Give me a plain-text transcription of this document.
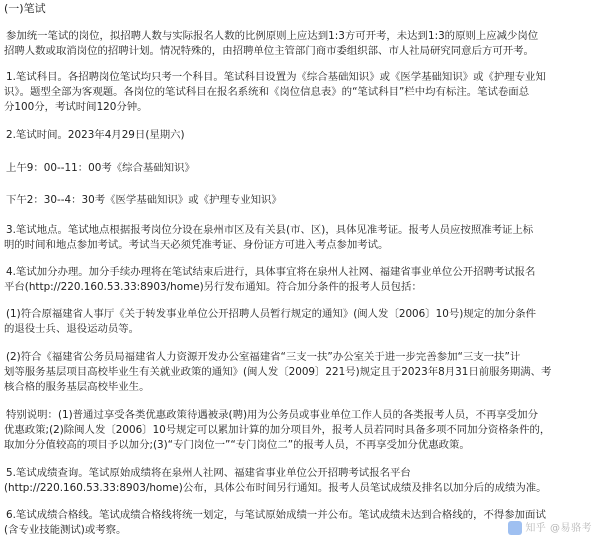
(一)笔试
参加统一笔试的岗位，拟招聘人数与实际报名人数的比例原则上应达到1:3方可开考，未达到1:3的原则上应减少岗位
招聘人数或取消岗位的招聘计划。情况特殊的，由招聘单位主管部门商市委组织部、市人社局研究同意后方可开考。
1.笔试科目。各招聘岗位笔试均只考一个科目。笔试科目设置为《综合基础知识》或《医学基础知识》或《护理专业知
识》。题型全部为客观题。各岗位的笔试科目在报名系统和《岗位信息表》的“笔试科目”栏中均有标注。笔试卷面总
分100分，考试时间120分钟。
2.笔试时间。2023年4月29日(星期六)
上午9：00--11：00考《综合基础知识》
下午2：30--4：30考《医学基础知识》或《护理专业知识》
3.笔试地点。笔试地点根据报考岗位分设在泉州市区及有关县(市、区)，具体见准考证。报考人员应按照准考证上标
明的时间和地点参加考试。考试当天必须凭准考证、身份证方可进入考点参加考试。
4.笔试加分办理。加分手续办理将在笔试结束后进行，具体事宜将在泉州人社网、福建省事业单位公开招聘考试报名
平台(http://220.160.53.33:8903/home)另行发布通知。符合加分条件的报考人员包括：
(1)符合原福建省人事厅《关于转发事业单位公开招聘人员暂行规定的通知》(闽人发〔2006〕10号)规定的加分条件
的退役士兵、退役运动员等。
(2)符合《福建省公务员局福建省人力资源开发办公室福建省“三支一扶”办公室关于进一步完善参加“三支一扶”计
划等服务基层项目高校毕业生有关就业政策的通知》(闽人发〔2009〕221号)规定且于2023年8月31日前服务期满、考
核合格的服务基层高校毕业生。
特别说明：(1)普通过享受各类优惠政策待遇被录(聘)用为公务员或事业单位工作人员的各类报考人员，不再享受加分
优惠政策;(2)除闽人发〔2006〕10号规定可以累加计算的加分项目外，报考人员若同时具备多项不同加分资格条件的，
取加分分值较高的项目予以加分;(3)“专门岗位一”“专门岗位二”的报考人员，不再享受加分优惠政策。
5.笔试成绩查询。笔试原始成绩将在泉州人社网、福建省事业单位公开招聘考试报名平台
(http://220.160.53.33:8903/home)公布，具体公布时间另行通知。报考人员笔试成绩及排名以加分后的成绩为准。
6.笔试成绩合格线。笔试成绩合格线将统一划定，与笔试原始成绩一并公布。笔试成绩未达到合格线的，不得参加面试
(含专业技能测试)或考察。	知乎 @易骆考
